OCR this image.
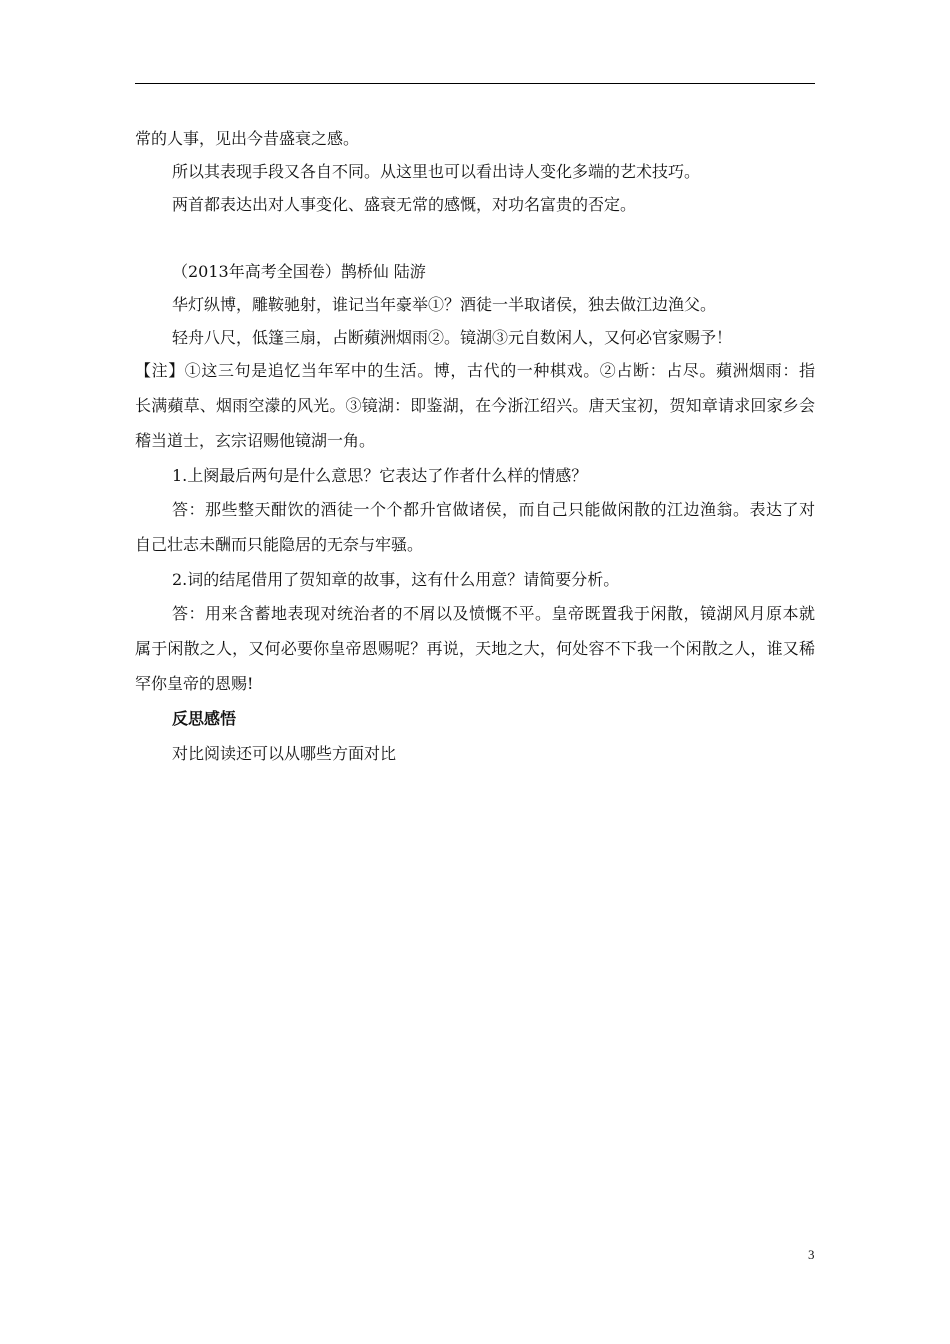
常的人事，见出今昔盛衰之感。
所以其表现手段又各自不同。从这里也可以看出诗人变化多端的艺术技巧。
两首都表达出对人事变化、盛衰无常的感慨，对功名富贵的否定。
（2013年高考全国卷）鹊桥仙 陆游
华灯纵博，雕鞍驰射，谁记当年豪举①？酒徒一半取诸侯，独去做江边渔父。
轻舟八尺，低篷三扇，占断蘋洲烟雨②。镜湖③元自数闲人，又何必官家赐予！
【注】①这三句是追忆当年军中的生活。博，古代的一种棋戏。②占断：占尽。蘋洲烟雨：指
长满蘋草、烟雨空濛的风光。③镜湖：即鉴湖，在今浙江绍兴。唐天宝初，贺知章请求回家乡会
稽当道士，玄宗诏赐他镜湖一角。
1.上阕最后两句是什么意思？它表达了作者什么样的情感？
答：那些整天酣饮的酒徒一个个都升官做诸侯，而自己只能做闲散的江边渔翁。表达了对
自己壮志未酬而只能隐居的无奈与牢骚。
2.词的结尾借用了贺知章的故事，这有什么用意？请简要分析。
答：用来含蓄地表现对统治者的不屑以及愤慨不平。皇帝既置我于闲散，镜湖风月原本就
属于闲散之人，又何必要你皇帝恩赐呢？再说，天地之大，何处容不下我一个闲散之人，谁又稀
罕你皇帝的恩赐!
反思感悟
对比阅读还可以从哪些方面对比
3
